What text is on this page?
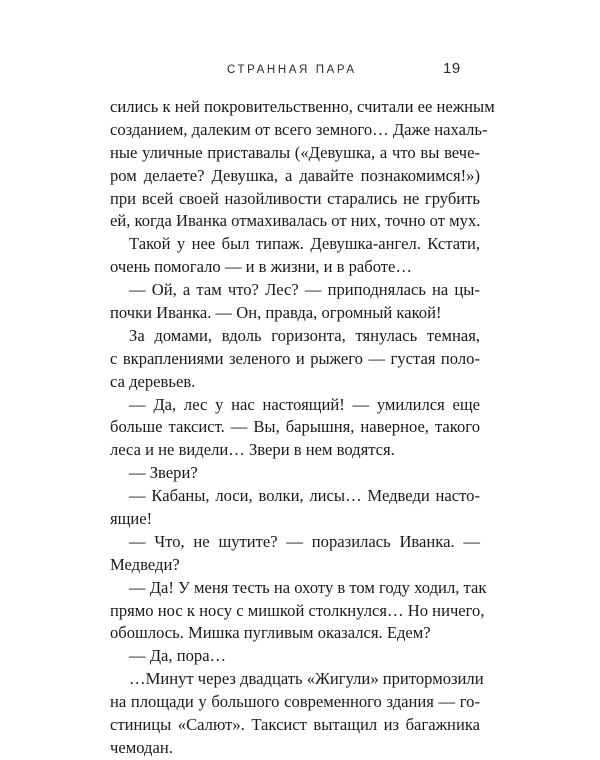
СТРАННАЯ ПАРА	19
сились к ней покровительственно, считали ее нежным
созданием, далеким от всего земного… Даже нахаль-
ные уличные приставалы («Девушка, а что вы вече-
ром делаете? Девушка, а давайте познакомимся!»)
при всей своей назойливости старались не грубить
ей, когда Иванка отмахивалась от них, точно от мух.
Такой у нее был типаж. Девушка-ангел. Кстати,
очень помогало — и в жизни, и в работе…
— Ой, а там что? Лес? — приподнялась на цы-
почки Иванка. — Он, правда, огромный какой!
За домами, вдоль горизонта, тянулась темная,
с вкраплениями зеленого и рыжего — густая поло-
са деревьев.
— Да, лес у нас настоящий! — умилился еще
больше таксист. — Вы, барышня, наверное, такого
леса и не видели… Звери в нем водятся.
— Звери?
— Кабаны, лоси, волки, лисы… Медведи насто-
ящие!
— Что, не шутите? — поразилась Иванка. —
Медведи?
— Да! У меня тесть на охоту в том году ходил, так
прямо нос к носу с мишкой столкнулся… Но ничего,
обошлось. Мишка пугливым оказался. Едем?
— Да, пора…
…Минут через двадцать «Жигули» притормозили
на площади у большого современного здания — го-
стиницы «Салют». Таксист вытащил из багажника
чемодан.
